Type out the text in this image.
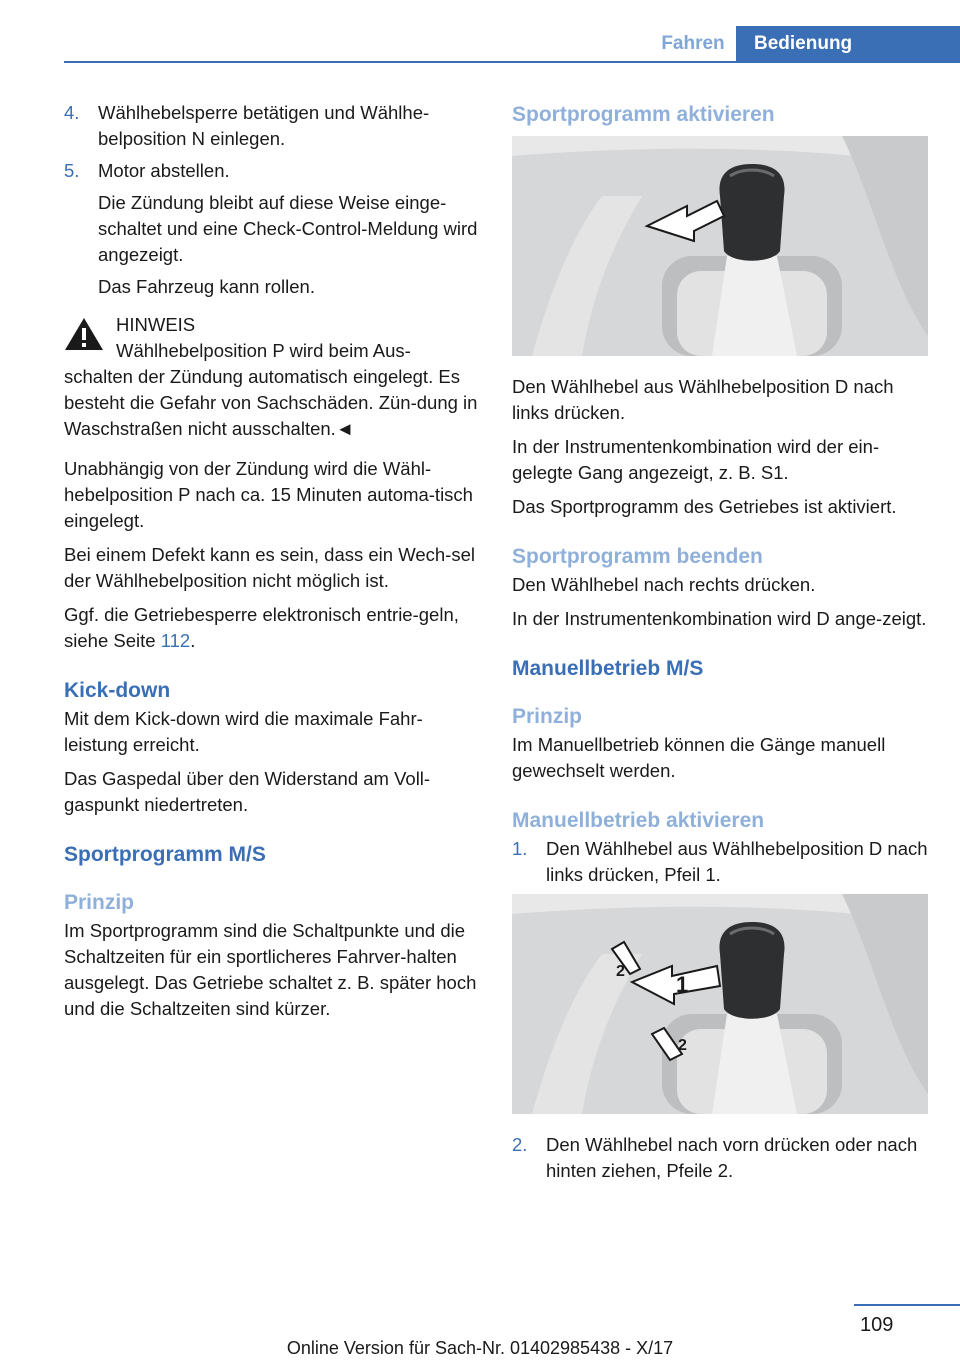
Fahren	Bedienung
4. Wählhebelsperre betätigen und Wählhe-belposition N einlegen.

5. Motor abstellen.

Die Zündung bleibt auf diese Weise einge-schaltet und eine Check-Control-Meldung wird angezeigt.

Das Fahrzeug kann rollen.

HINWEIS
Wählhebelposition P wird beim Aus-
schalten der Zündung automatisch eingelegt. Es besteht die Gefahr von Sachschäden. Zün-dung in Waschstraßen nicht ausschalten.◄

Unabhängig von der Zündung wird die Wähl-hebelposition P nach ca. 15 Minuten automa-tisch eingelegt.

Bei einem Defekt kann es sein, dass ein Wech-sel der Wählhebelposition nicht möglich ist.

Ggf. die Getriebesperre elektronisch entrie-geln, siehe Seite 112.

Kick-down

Mit dem Kick-down wird die maximale Fahr-leistung erreicht.

Das Gaspedal über den Widerstand am Voll-gaspunkt niedertreten.

Sportprogramm M/S
Prinzip

Im Sportprogramm sind die Schaltpunkte und die Schaltzeiten für ein sportlicheres Fahrver-halten ausgelegt. Das Getriebe schaltet z. B. später hoch und die Schaltzeiten sind kürzer.

Sportprogramm aktivieren

Den Wählhebel aus Wählhebelposition D nach links drücken.

In der Instrumentenkombination wird der ein-gelegte Gang angezeigt, z. B. S1.

Das Sportprogramm des Getriebes ist aktiviert.

Sportprogramm beenden

Den Wählhebel nach rechts drücken.

In der Instrumentenkombination wird D ange-zeigt.

Manuellbetrieb M/S
Prinzip

Im Manuellbetrieb können die Gänge manuell gewechselt werden.

Manuellbetrieb aktivieren
1. Den Wählhebel aus Wählhebelposition D nach links drücken, Pfeil 1.

1
2
2
2. Den Wählhebel nach vorn drücken oder nach hinten ziehen, Pfeile 2.

109
Online Version für Sach-Nr. 01402985438 - X/17
